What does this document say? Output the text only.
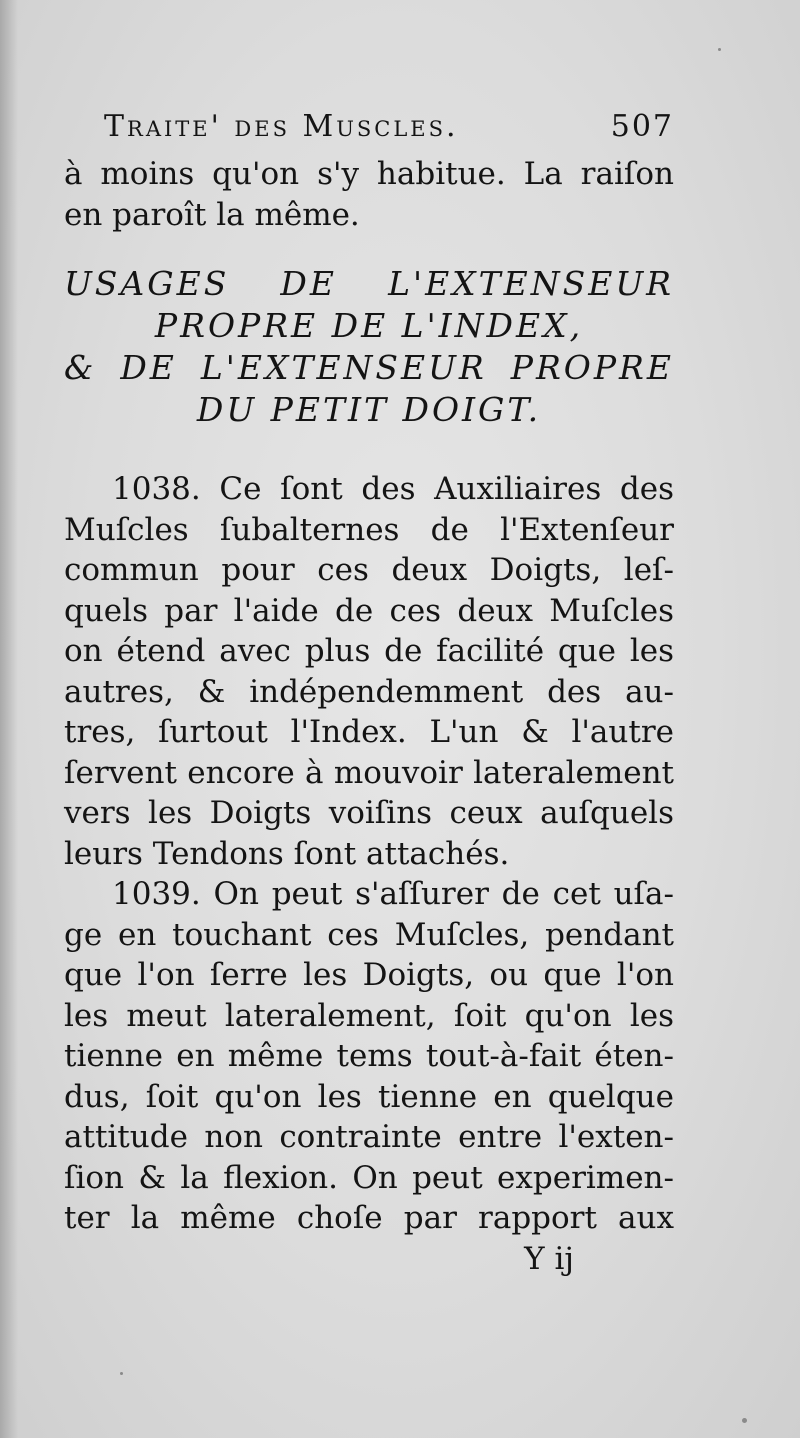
Traite' des Muscles.	507
à moins qu'on s'y habitue. La raiſon
en paroît la même.
USAGES DE L'EXTENSEUR
PROPRE DE L'INDEX,
& DE L'EXTENSEUR PROPRE
DU PETIT DOIGT.
1038. Ce ſont des Auxiliaires des
Muſcles ſubalternes de l'Extenſeur
commun pour ces deux Doigts, leſ-
quels par l'aide de ces deux Muſcles
on étend avec plus de facilité que les
autres, & indépendemment des au-
tres, ſurtout l'Index. L'un & l'autre
ſervent encore à mouvoir lateralement
vers les Doigts voiſins ceux auſquels
leurs Tendons ſont attachés.
1039. On peut s'aſſurer de cet uſa-
ge en touchant ces Muſcles, pendant
que l'on ſerre les Doigts, ou que l'on
les meut lateralement, ſoit qu'on les
tienne en même tems tout-à-fait éten-
dus, ſoit qu'on les tienne en quelque
attitude non contrainte entre l'exten-
ſion & la flexion. On peut experimen-
ter la même choſe par rapport aux
Y ij
